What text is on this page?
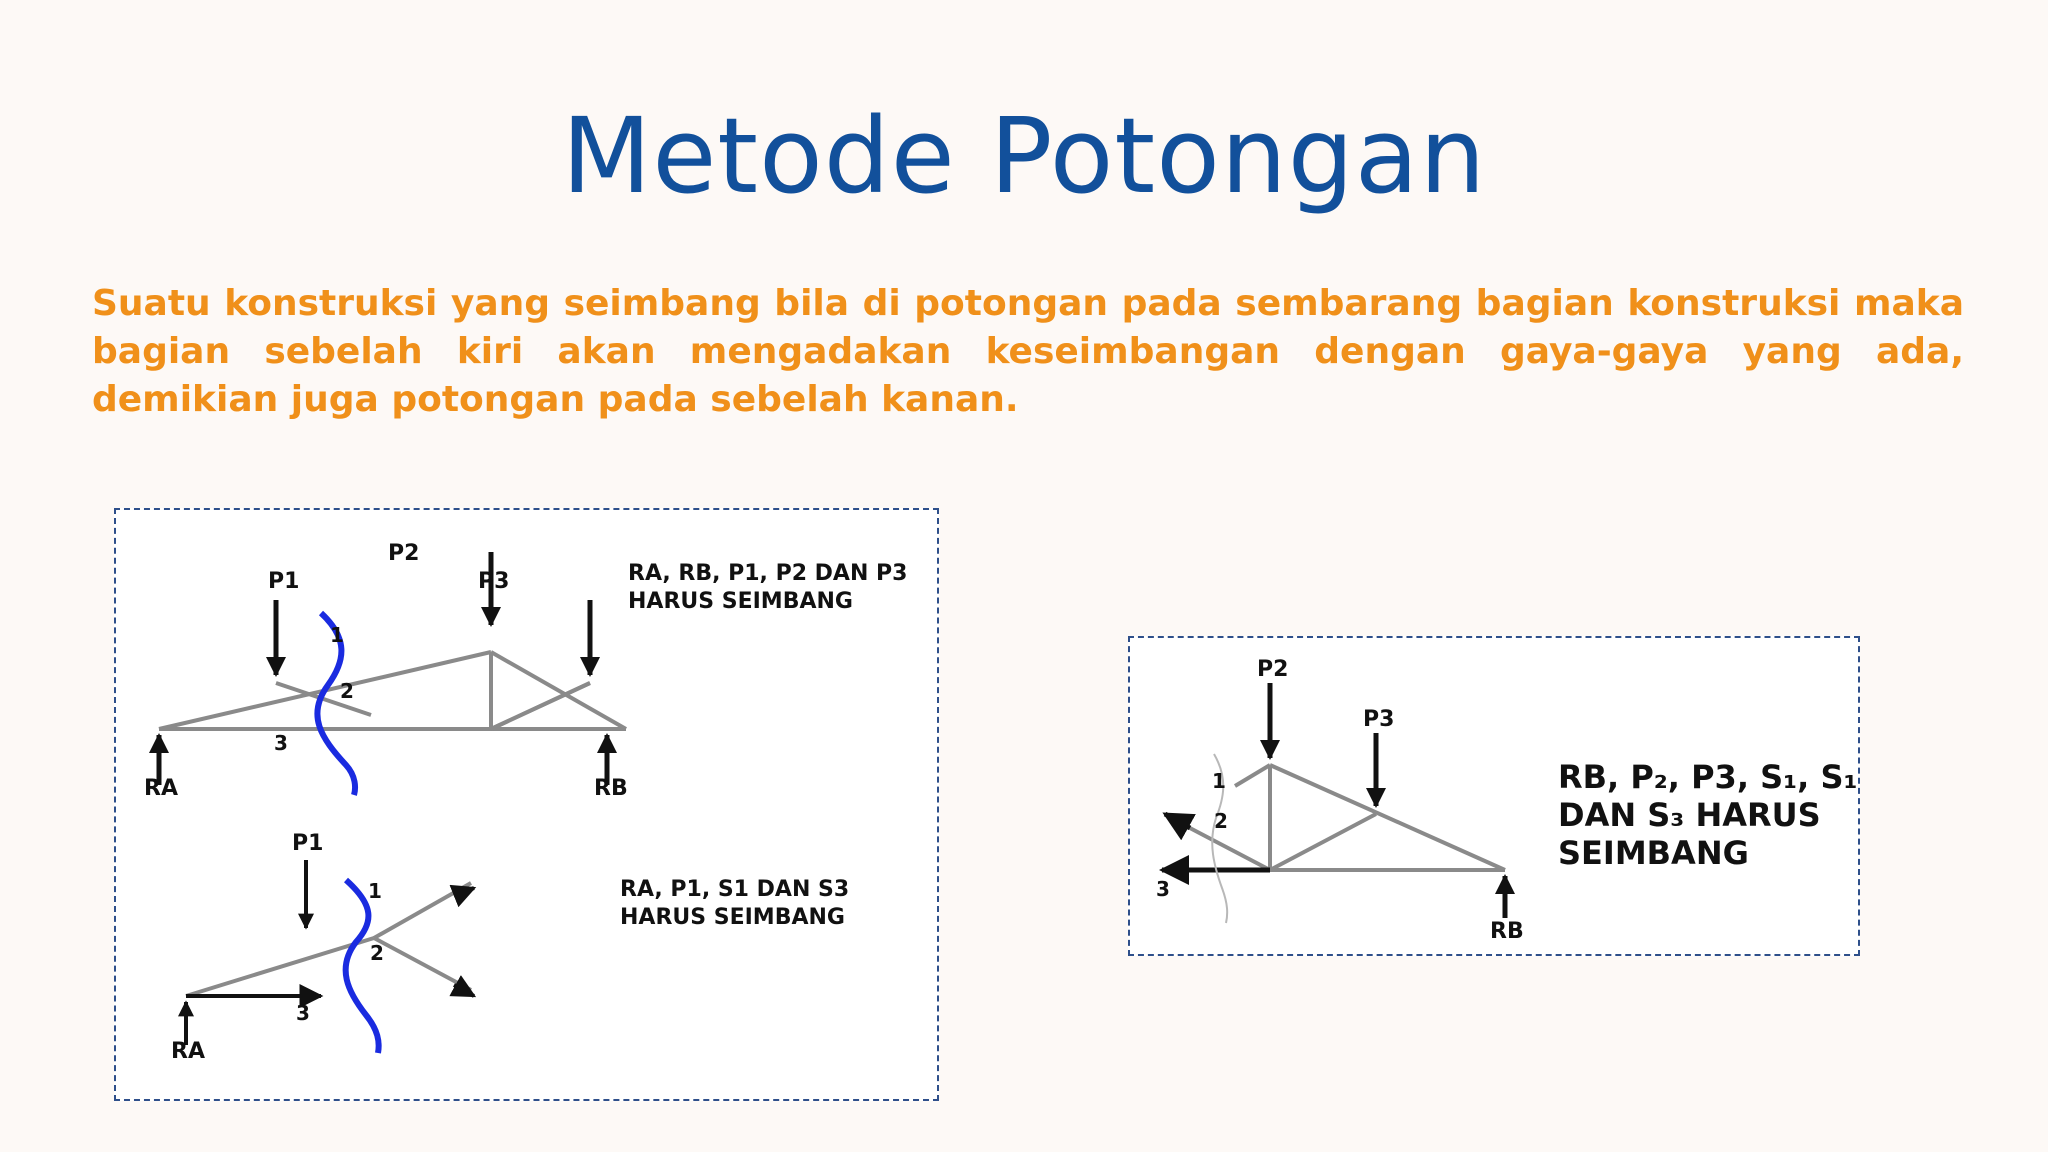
Metode Potongan

Suatu konstruksi yang seimbang bila di potongan pada sembarang bagian konstruksi maka bagian sebelah kiri akan mengadakan keseimbangan dengan gaya-gaya yang ada, demikian juga potongan pada sebelah kanan.

P1
P2
P3
RA	RB
1
2
3
RA, RB, P1, P2 DAN P3
HARUS SEIMBANG
P1
RA
1
2
3
RA, P1, S1 DAN S3
HARUS SEIMBANG
P2
P3
RB
1
2
3
RB, P₂, P3, S₁, S₁
DAN S₃ HARUS
SEIMBANG
